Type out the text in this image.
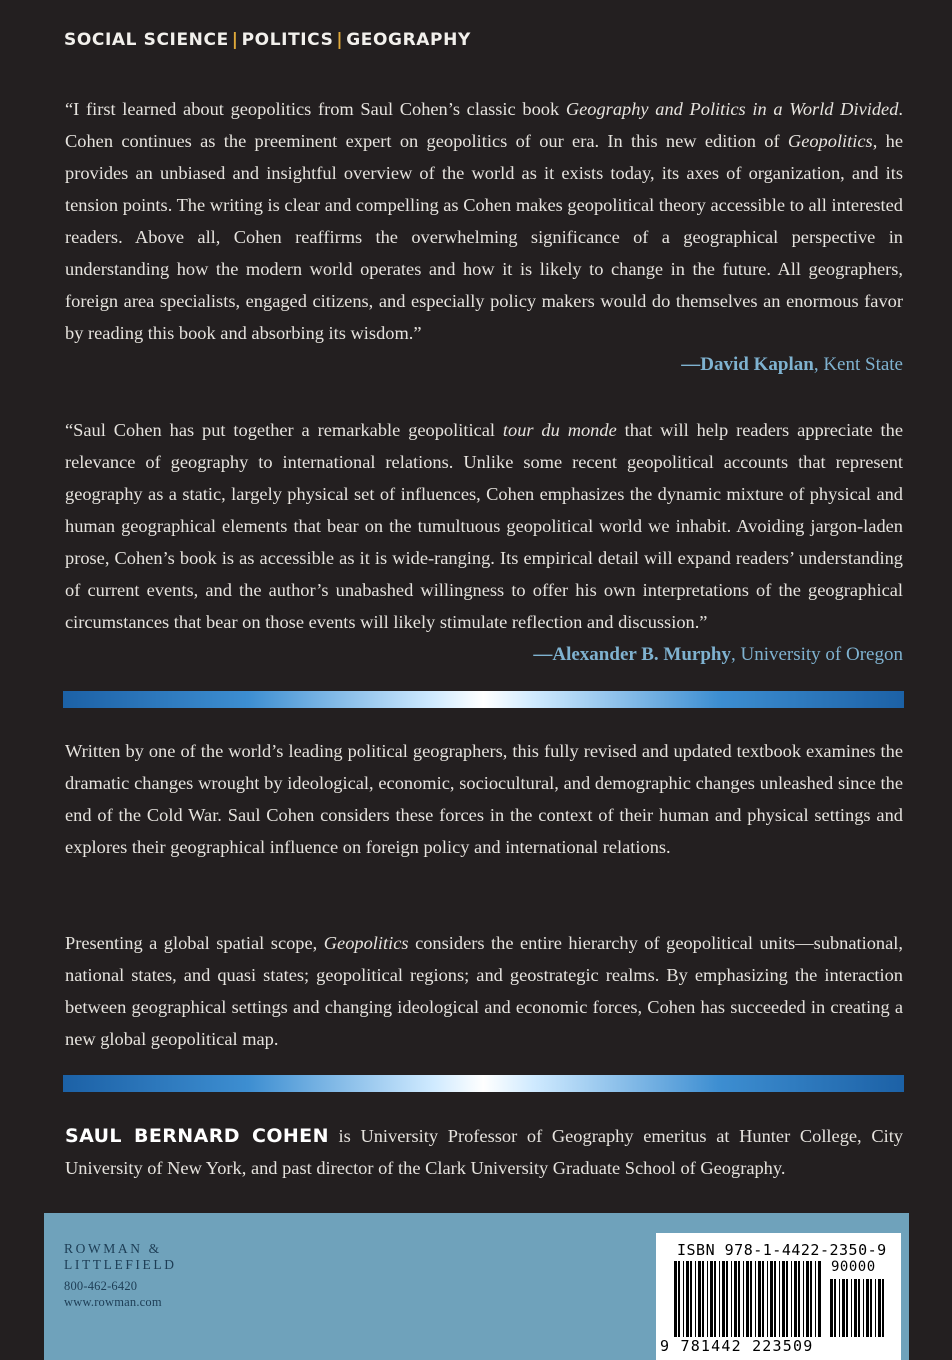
SOCIAL SCIENCE | POLITICS | GEOGRAPHY
“I first learned about geopolitics from Saul Cohen’s classic book Geography and Politics in a World Divided. Cohen continues as the preeminent expert on geopolitics of our era. In this new edition of Geopolitics, he provides an unbiased and insightful overview of the world as it exists today, its axes of organization, and its tension points. The writing is clear and compelling as Cohen makes geopolitical theory accessible to all interested readers. Above all, Cohen reaffirms the overwhelming significance of a geographical perspective in understanding how the modern world operates and how it is likely to change in the future. All geographers, foreign area specialists, engaged citizens, and especially policy makers would do themselves an enormous favor by reading this book and absorbing its wisdom.”
—David Kaplan, Kent State
“Saul Cohen has put together a remarkable geopolitical tour du monde that will help readers appreciate the relevance of geography to international relations. Unlike some recent geopolitical accounts that represent geography as a static, largely physical set of influences, Cohen emphasizes the dynamic mixture of physical and human geographical elements that bear on the tumultuous geopolitical world we inhabit. Avoiding jargon-laden prose, Cohen’s book is as accessible as it is wide-ranging. Its empirical detail will expand readers’ understanding of current events, and the author’s unabashed willingness to offer his own interpretations of the geographical circumstances that bear on those events will likely stimulate reflection and discussion.”
—Alexander B. Murphy, University of Oregon
Written by one of the world’s leading political geographers, this fully revised and updated textbook examines the dramatic changes wrought by ideological, economic, sociocultural, and demographic changes unleashed since the end of the Cold War. Saul Cohen considers these forces in the context of their human and physical settings and explores their geographical influence on foreign policy and international relations.
Presenting a global spatial scope, Geopolitics considers the entire hierarchy of geopolitical units—subnational, national states, and quasi states; geopolitical regions; and geostrategic realms. By emphasizing the interaction between geographical settings and changing ideological and economic forces, Cohen has succeeded in creating a new global geopolitical map.
SAUL BERNARD COHEN is University Professor of Geography emeritus at Hunter College, City University of New York, and past director of the Clark University Graduate School of Geography.
ROWMAN &
LITTLEFIELD
800-462-6420
www.rowman.com
ISBN 978-1-4422-2350-9
90000
9 781442 223509
